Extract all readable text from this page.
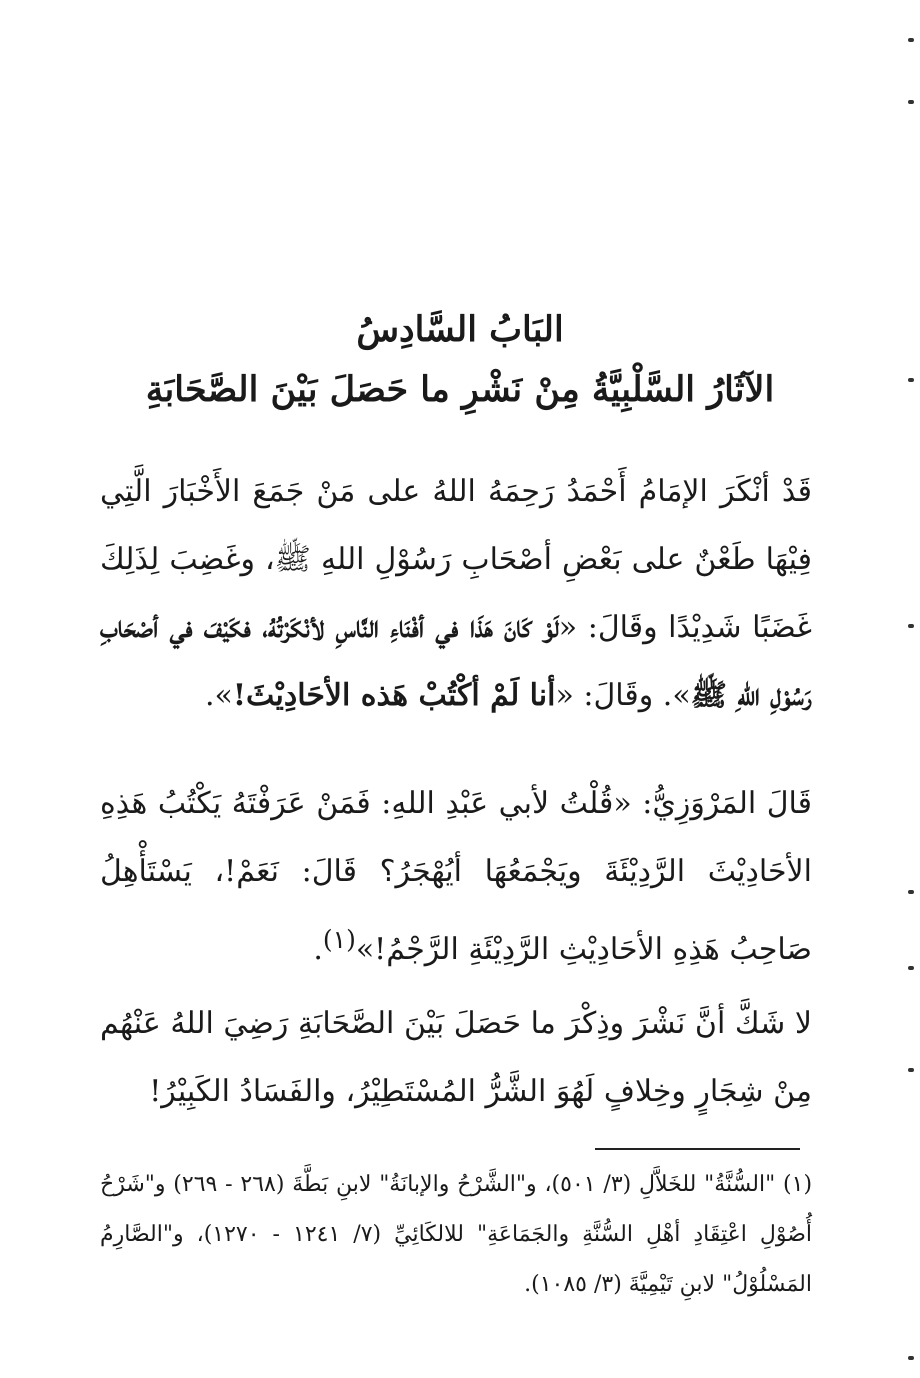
البَابُ السَّادِسُ

الآثَارُ السَّلْبِيَّةُ مِنْ نَشْرِ ما حَصَلَ بَيْنَ الصَّحَابَةِ

قَدْ أنْكَرَ الإمَامُ أَحْمَدُ رَحِمَهُ اللهُ على مَنْ جَمَعَ الأَخْبَارَ الَّتِي فِيْهَا طَعْنٌ على بَعْضِ أصْحَابِ رَسُوْلِ اللهِ ﷺ، وغَضِبَ لِذَلِكَ غَضَبًا شَدِيْدًا وقَالَ: «لَوْ كَانَ هَذَا في أفْنَاءِ النَّاسِ لأنْكَرْتُهُ، فكَيْفَ في أصْحَابِ رَسُوْلِ اللهِ ﷺ». وقَالَ: «أنا لَمْ أكْتُبْ هَذه الأحَادِيْثَ!».

قَالَ المَرْوَزِيُّ: «قُلْتُ لأبي عَبْدِ اللهِ: فَمَنْ عَرَفْتَهُ يَكْتُبُ هَذِهِ الأحَادِيْثَ الرَّدِيْئَةَ ويَجْمَعُهَا أيُهْجَرُ؟ قَالَ: نَعَمْ!، يَسْتَأْهِلُ صَاحِبُ هَذِهِ الأحَادِيْثِ الرَّدِيْئَةِ الرَّجْمُ!»$^{(١)}$.

لا شَكَّ أنَّ نَشْرَ وذِكْرَ ما حَصَلَ بَيْنَ الصَّحَابَةِ رَضِيَ اللهُ عَنْهُم مِنْ شِجَارٍ وخِلافٍ لَهُوَ الشَّرُّ المُسْتَطِيْرُ، والفَسَادُ الكَبِيْرُ!

(١) "السُّنَّةُ" للخَلاَّلِ (٣/ ٥٠١)، و"الشَّرْحُ والإبانَةُ" لابنِ بَطَّةَ (٢٦٨ - ٢٦٩) و"شَرْحُ أُصُوْلِ اعْتِقَادِ أهْلِ السُّنَّةِ والجَمَاعَةِ" للالكَائِيِّ (٧/ ١٢٤١ - ١٢٧٠)، و"الصَّارِمُ المَسْلُوْلُ" لابنِ تَيْمِيَّةَ (٣/ ١٠٨٥).
